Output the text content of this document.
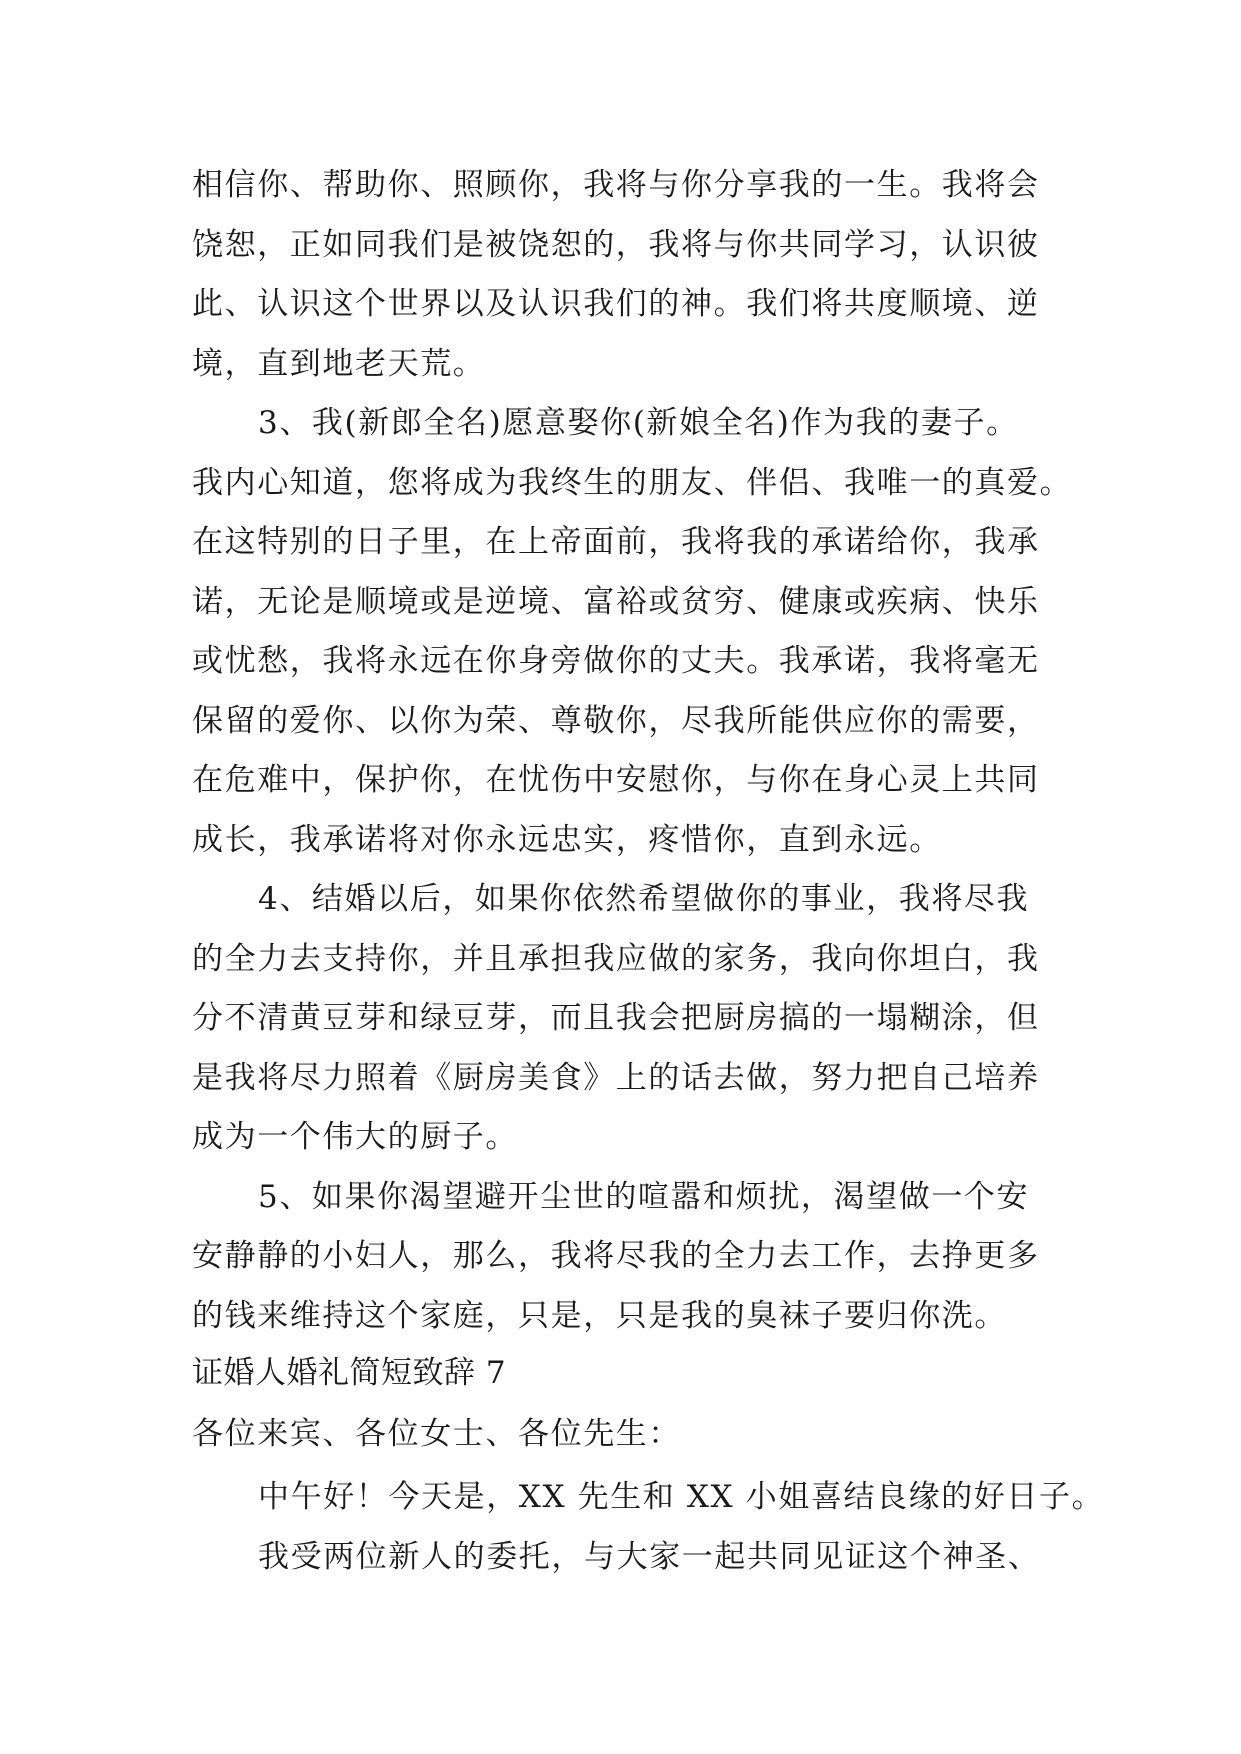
相信你、帮助你、照顾你，我将与你分享我的一生。我将会
饶恕，正如同我们是被饶恕的，我将与你共同学习，认识彼
此、认识这个世界以及认识我们的神。我们将共度顺境、逆
境，直到地老天荒。
3、我(新郎全名)愿意娶你(新娘全名)作为我的妻子。
我内心知道，您将成为我终生的朋友、伴侣、我唯一的真爱。
在这特别的日子里，在上帝面前，我将我的承诺给你，我承
诺，无论是顺境或是逆境、富裕或贫穷、健康或疾病、快乐
或忧愁，我将永远在你身旁做你的丈夫。我承诺，我将毫无
保留的爱你、以你为荣、尊敬你，尽我所能供应你的需要，
在危难中，保护你，在忧伤中安慰你，与你在身心灵上共同
成长，我承诺将对你永远忠实，疼惜你，直到永远。
4、结婚以后，如果你依然希望做你的事业，我将尽我
的全力去支持你，并且承担我应做的家务，我向你坦白，我
分不清黄豆芽和绿豆芽，而且我会把厨房搞的一塌糊涂，但
是我将尽力照着《厨房美食》上的话去做，努力把自己培养
成为一个伟大的厨子。
5、如果你渴望避开尘世的喧嚣和烦扰，渴望做一个安
安静静的小妇人，那么，我将尽我的全力去工作，去挣更多
的钱来维持这个家庭，只是，只是我的臭袜子要归你洗。
证婚人婚礼简短致辞 7
各位来宾、各位女士、各位先生：
中午好！今天是，XX 先生和 XX 小姐喜结良缘的好日子。
我受两位新人的委托，与大家一起共同见证这个神圣、
